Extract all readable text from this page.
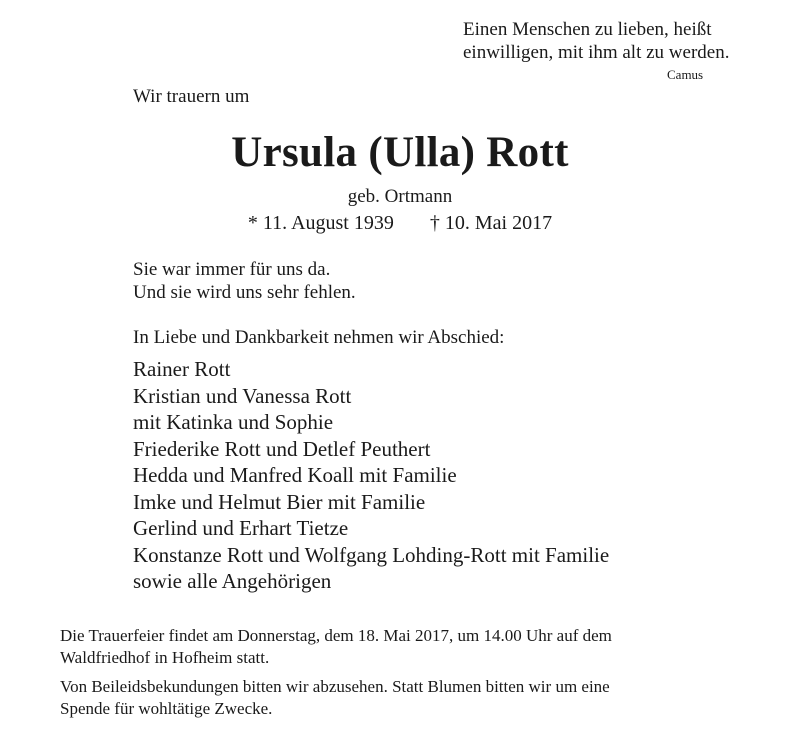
Einen Menschen zu lieben, heißt
einwilligen, mit ihm alt zu werden.
Camus
Wir trauern um
Ursula (Ulla) Rott
geb. Ortmann
* 11. August 1939 † 10. Mai 2017
Sie war immer für uns da.
Und sie wird uns sehr fehlen.
In Liebe und Dankbarkeit nehmen wir Abschied:
Rainer Rott
Kristian und Vanessa Rott
mit Katinka und Sophie
Friederike Rott und Detlef Peuthert
Hedda und Manfred Koall mit Familie
Imke und Helmut Bier mit Familie
Gerlind und Erhart Tietze
Konstanze Rott und Wolfgang Lohding-Rott mit Familie
sowie alle Angehörigen
Die Trauerfeier findet am Donnerstag, dem 18. Mai 2017, um 14.00 Uhr auf dem
Waldfriedhof in Hofheim statt.
Von Beileidsbekundungen bitten wir abzusehen. Statt Blumen bitten wir um eine
Spende für wohltätige Zwecke.
